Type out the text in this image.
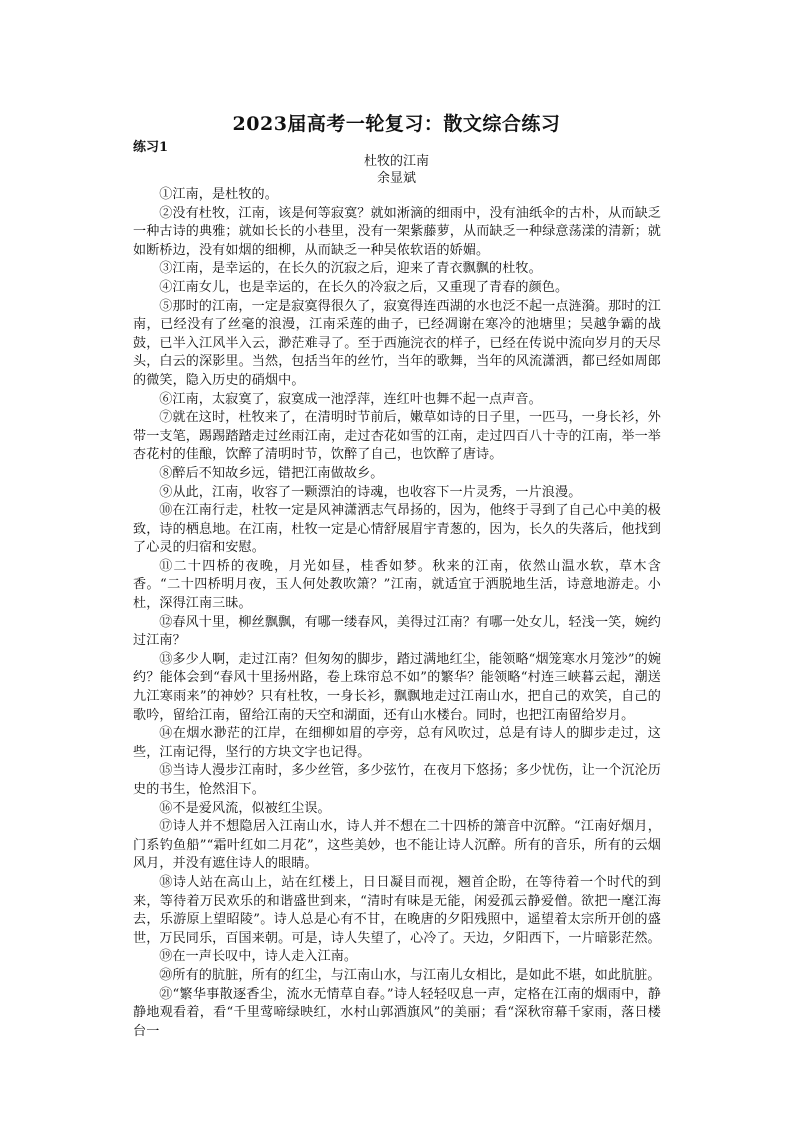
2023届高考一轮复习：散文综合练习
练习1
杜牧的江南
余显斌

①江南，是杜牧的。

②没有杜牧，江南，该是何等寂寞？就如淅滴的细雨中，没有油纸伞的古朴，从而缺乏一种古诗的典雅；就如长长的小巷里，没有一架紫藤萝，从而缺乏一种绿意荡漾的清新；就如断桥边，没有如烟的细柳，从而缺乏一种吴侬软语的娇媚。

③江南，是幸运的，在长久的沉寂之后，迎来了青衣飘飘的杜牧。

④江南女儿，也是幸运的，在长久的冷寂之后，又重现了青春的颜色。

⑤那时的江南，一定是寂寞得很久了，寂寞得连西湖的水也泛不起一点涟漪。那时的江南，已经没有了丝毫的浪漫，江南采莲的曲子，已经凋谢在寒冷的池塘里；吴越争霸的战鼓，已半入江风半入云，渺茫难寻了。至于西施浣衣的样子，已经在传说中流向岁月的天尽头，白云的深影里。当然，包括当年的丝竹，当年的歌舞，当年的风流潇洒，都已经如周郎的微笑，隐入历史的硝烟中。

⑥江南，太寂寞了，寂寞成一池浮萍，连红叶也舞不起一点声音。

⑦就在这时，杜牧来了，在清明时节前后，嫩草如诗的日子里，一匹马，一身长衫，外带一支笔，踢踢踏踏走过丝雨江南，走过杏花如雪的江南，走过四百八十寺的江南，举一举杏花村的佳酿，饮醉了清明时节，饮醉了自己，也饮醉了唐诗。

⑧醉后不知故乡远，错把江南做故乡。

⑨从此，江南，收容了一颗漂泊的诗魂，也收容下一片灵秀，一片浪漫。

⑩在江南行走，杜牧一定是风神潇洒志气昂扬的，因为，他终于寻到了自己心中美的极致，诗的栖息地。在江南，杜牧一定是心情舒展眉宇青葱的，因为，长久的失落后，他找到了心灵的归宿和安慰。

⑪二十四桥的夜晚，月光如昼，桂香如梦。秋来的江南，依然山温水软，草木含香。“二十四桥明月夜，玉人何处教吹箫？”江南，就适宜于洒脱地生活，诗意地游走。小杜，深得江南三昧。

⑫春风十里，柳丝飘飘，有哪一缕春风，美得过江南？有哪一处女儿，轻浅一笑，婉约过江南？

⑬多少人啊，走过江南？但匆匆的脚步，踏过满地红尘，能领略“烟笼寒水月笼沙”的婉约？能体会到“春风十里扬州路，卷上珠帘总不如”的繁华？能领略“村连三峡暮云起，潮送九江寒雨来”的神妙？只有杜牧，一身长衫，飘飘地走过江南山水，把自己的欢笑，自己的歌吟，留给江南，留给江南的天空和湖面，还有山水楼台。同时，也把江南留给岁月。

⑭在烟水渺茫的江岸，在细柳如眉的亭旁，总有风吹过，总是有诗人的脚步走过，这些，江南记得，坚行的方块文字也记得。

⑮当诗人漫步江南时，多少丝管，多少弦竹，在夜月下悠扬；多少忧伤，让一个沉沦历史的书生，怆然泪下。

⑯不是爱风流，似被红尘误。

⑰诗人并不想隐居入江南山水，诗人并不想在二十四桥的箫音中沉醉。“江南好烟月，门系钓鱼船”“霜叶红如二月花”，这些美妙，也不能让诗人沉醉。所有的音乐，所有的云烟风月，并没有遮住诗人的眼睛。

⑱诗人站在高山上，站在红楼上，日日凝目而视，翘首企盼，在等待着一个时代的到来，等待着万民欢乐的和谐盛世到来，“清时有味是无能，闲爱孤云静爱僧。欲把一麾江海去，乐游原上望昭陵”。诗人总是心有不甘，在晚唐的夕阳残照中，遥望着太宗所开创的盛世，万民同乐，百国来朝。可是，诗人失望了，心冷了。天边，夕阳西下，一片暗影茫然。

⑲在一声长叹中，诗人走入江南。

⑳所有的肮脏，所有的红尘，与江南山水，与江南儿女相比，是如此不堪，如此肮脏。

㉑“繁华事散逐香尘，流水无情草自春。”诗人轻轻叹息一声，定格在江南的烟雨中，静静地观看着，看“千里莺啼绿映红，水村山郭酒旗风”的美丽；看“深秋帘幕千家雨，落日楼台一
